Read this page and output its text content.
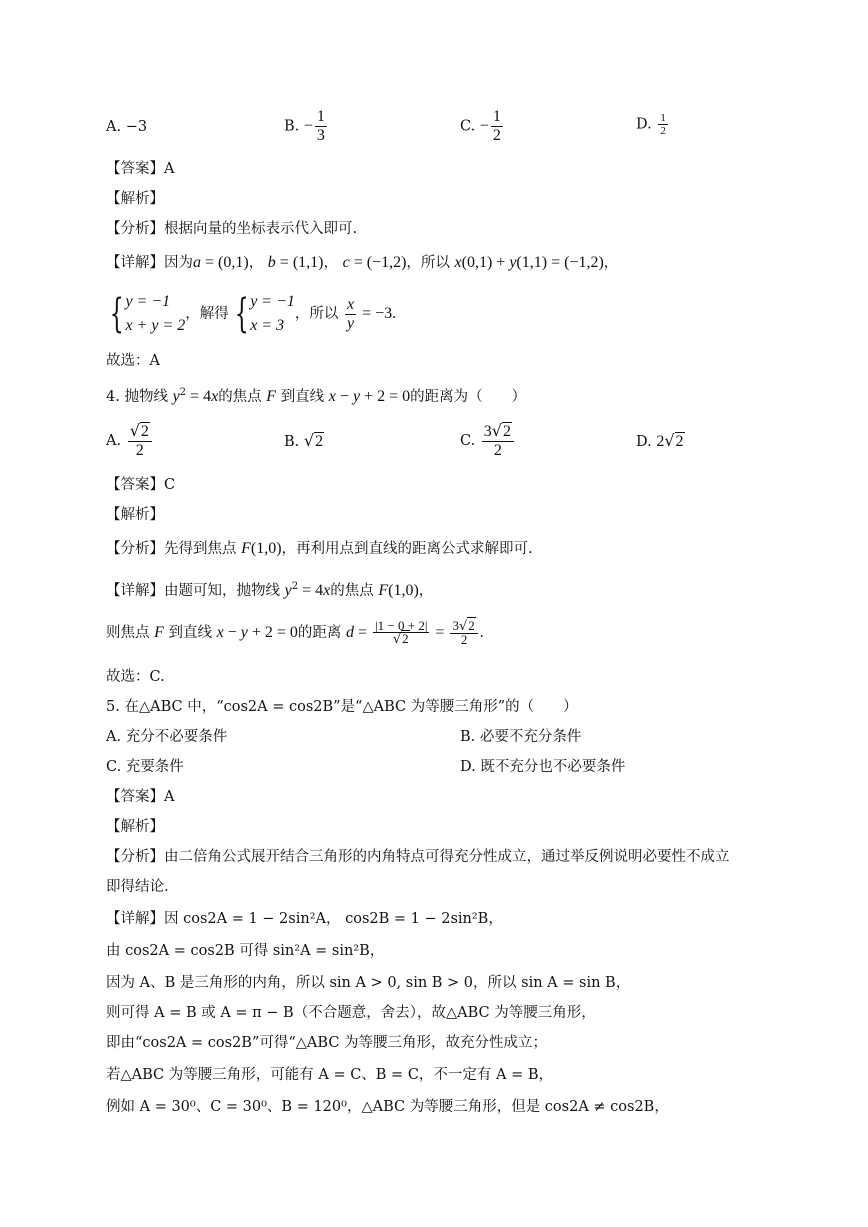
A. −3	B. − $\frac{1}{3}$	C. − $\frac{1}{2}$	D. $\frac{1}{2}$
【答案】A
【解析】
【分析】根据向量的坐标表示代入即可.
【详解】因为a = (0,1)， b = (1,1)， c = (−1,2)，所以 x(0,1) + y(1,1) = (−1,2)，
{ y = −1
x + y = 2
，解得 { y = −1
x = 3
，所以 $\frac{x}{y} = -3$.
故选：A
4. 抛物线 $y^2 = 4x$的焦点 F 到直线 x − y + 2 = 0的距离为（　　）
A. $\frac{√2}{2}$	B. √2	C. $\frac{3√2}{2}$	D. 2√2
【答案】C
【解析】
【分析】先得到焦点 F(1,0)，再利用点到直线的距离公式求解即可.
【详解】由题可知，抛物线 $y^2 = 4x$的焦点 F(1,0)，
则焦点 F 到直线 x − y + 2 = 0的距离 $d = \frac{|1 - 0 + 2|}{√2} = \frac{3√2}{2}$ .
故选：C.
5. 在△ABC 中，“cos2A = cos2B”是“△ABC 为等腰三角形”的（　　）
A. 充分不必要条件	B. 必要不充分条件
C. 充要条件	D. 既不充分也不必要条件
【答案】A
【解析】
【分析】由二倍角公式展开结合三角形的内角特点可得充分性成立，通过举反例说明必要性不成立
即得结论.
【详解】因 cos2A = 1 − 2sin²A， cos2B = 1 − 2sin²B，
由 cos2A = cos2B 可得 sin²A = sin²B，
因为 A、B 是三角形的内角，所以 sin A > 0, sin B > 0，所以 sin A = sin B，
则可得 A = B 或 A = π − B（不合题意，舍去），故△ABC 为等腰三角形，
即由“cos2A = cos2B”可得“△ABC 为等腰三角形，故充分性成立；
若△ABC 为等腰三角形，可能有 A = C、B = C，不一定有 A = B，
例如 A = 30⁰、C = 30⁰、B = 120⁰，△ABC 为等腰三角形，但是 cos2A ≠ cos2B，
